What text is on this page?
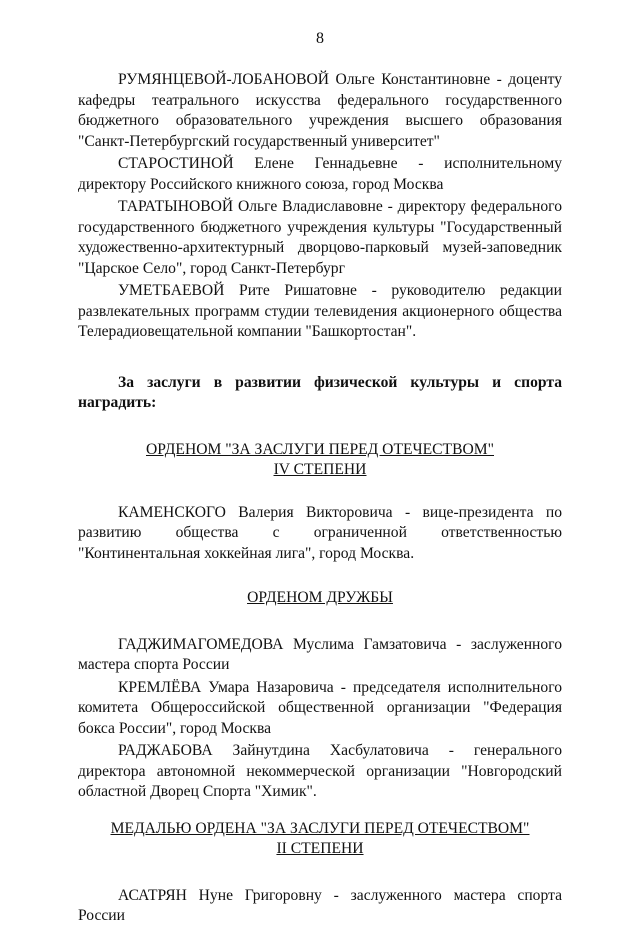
8

РУМЯНЦЕВОЙ-ЛОБАНОВОЙ Ольге Константиновне - доценту кафедры театрального искусства федерального государственного бюджетного образовательного учреждения высшего образования "Санкт-Петербургский государственный университет"

СТАРОСТИНОЙ Елене Геннадьевне - исполнительному директору Российского книжного союза, город Москва

ТАРАТЫНОВОЙ Ольге Владиславовне - директору федерального государственного бюджетного учреждения культуры "Государственный художественно-архитектурный дворцово-парковый музей-заповедник "Царское Село", город Санкт-Петербург

УМЕТБАЕВОЙ Рите Ришатовне - руководителю редакции развлекательных программ студии телевидения акционерного общества Телерадиовещательной компании "Башкортостан".

За заслуги в развитии физической культуры и спорта наградить:

ОРДЕНОМ "ЗА ЗАСЛУГИ ПЕРЕД ОТЕЧЕСТВОМ"
IV СТЕПЕНИ

КАМЕНСКОГО Валерия Викторовича - вице-президента по развитию общества с ограниченной ответственностью "Континентальная хоккейная лига", город Москва.

ОРДЕНОМ ДРУЖБЫ

ГАДЖИМАГОМЕДОВА Муслима Гамзатовича - заслуженного мастера спорта России

КРЕМЛЁВА Умара Назаровича - председателя исполнительного комитета Общероссийской общественной организации "Федерация бокса России", город Москва

РАДЖАБОВА Зайнутдина Хасбулатовича - генерального директора автономной некоммерческой организации "Новгородский областной Дворец Спорта "Химик".

МЕДАЛЬЮ ОРДЕНА "ЗА ЗАСЛУГИ ПЕРЕД ОТЕЧЕСТВОМ"
II СТЕПЕНИ

АСАТРЯН Нуне Григоровну - заслуженного мастера спорта России
